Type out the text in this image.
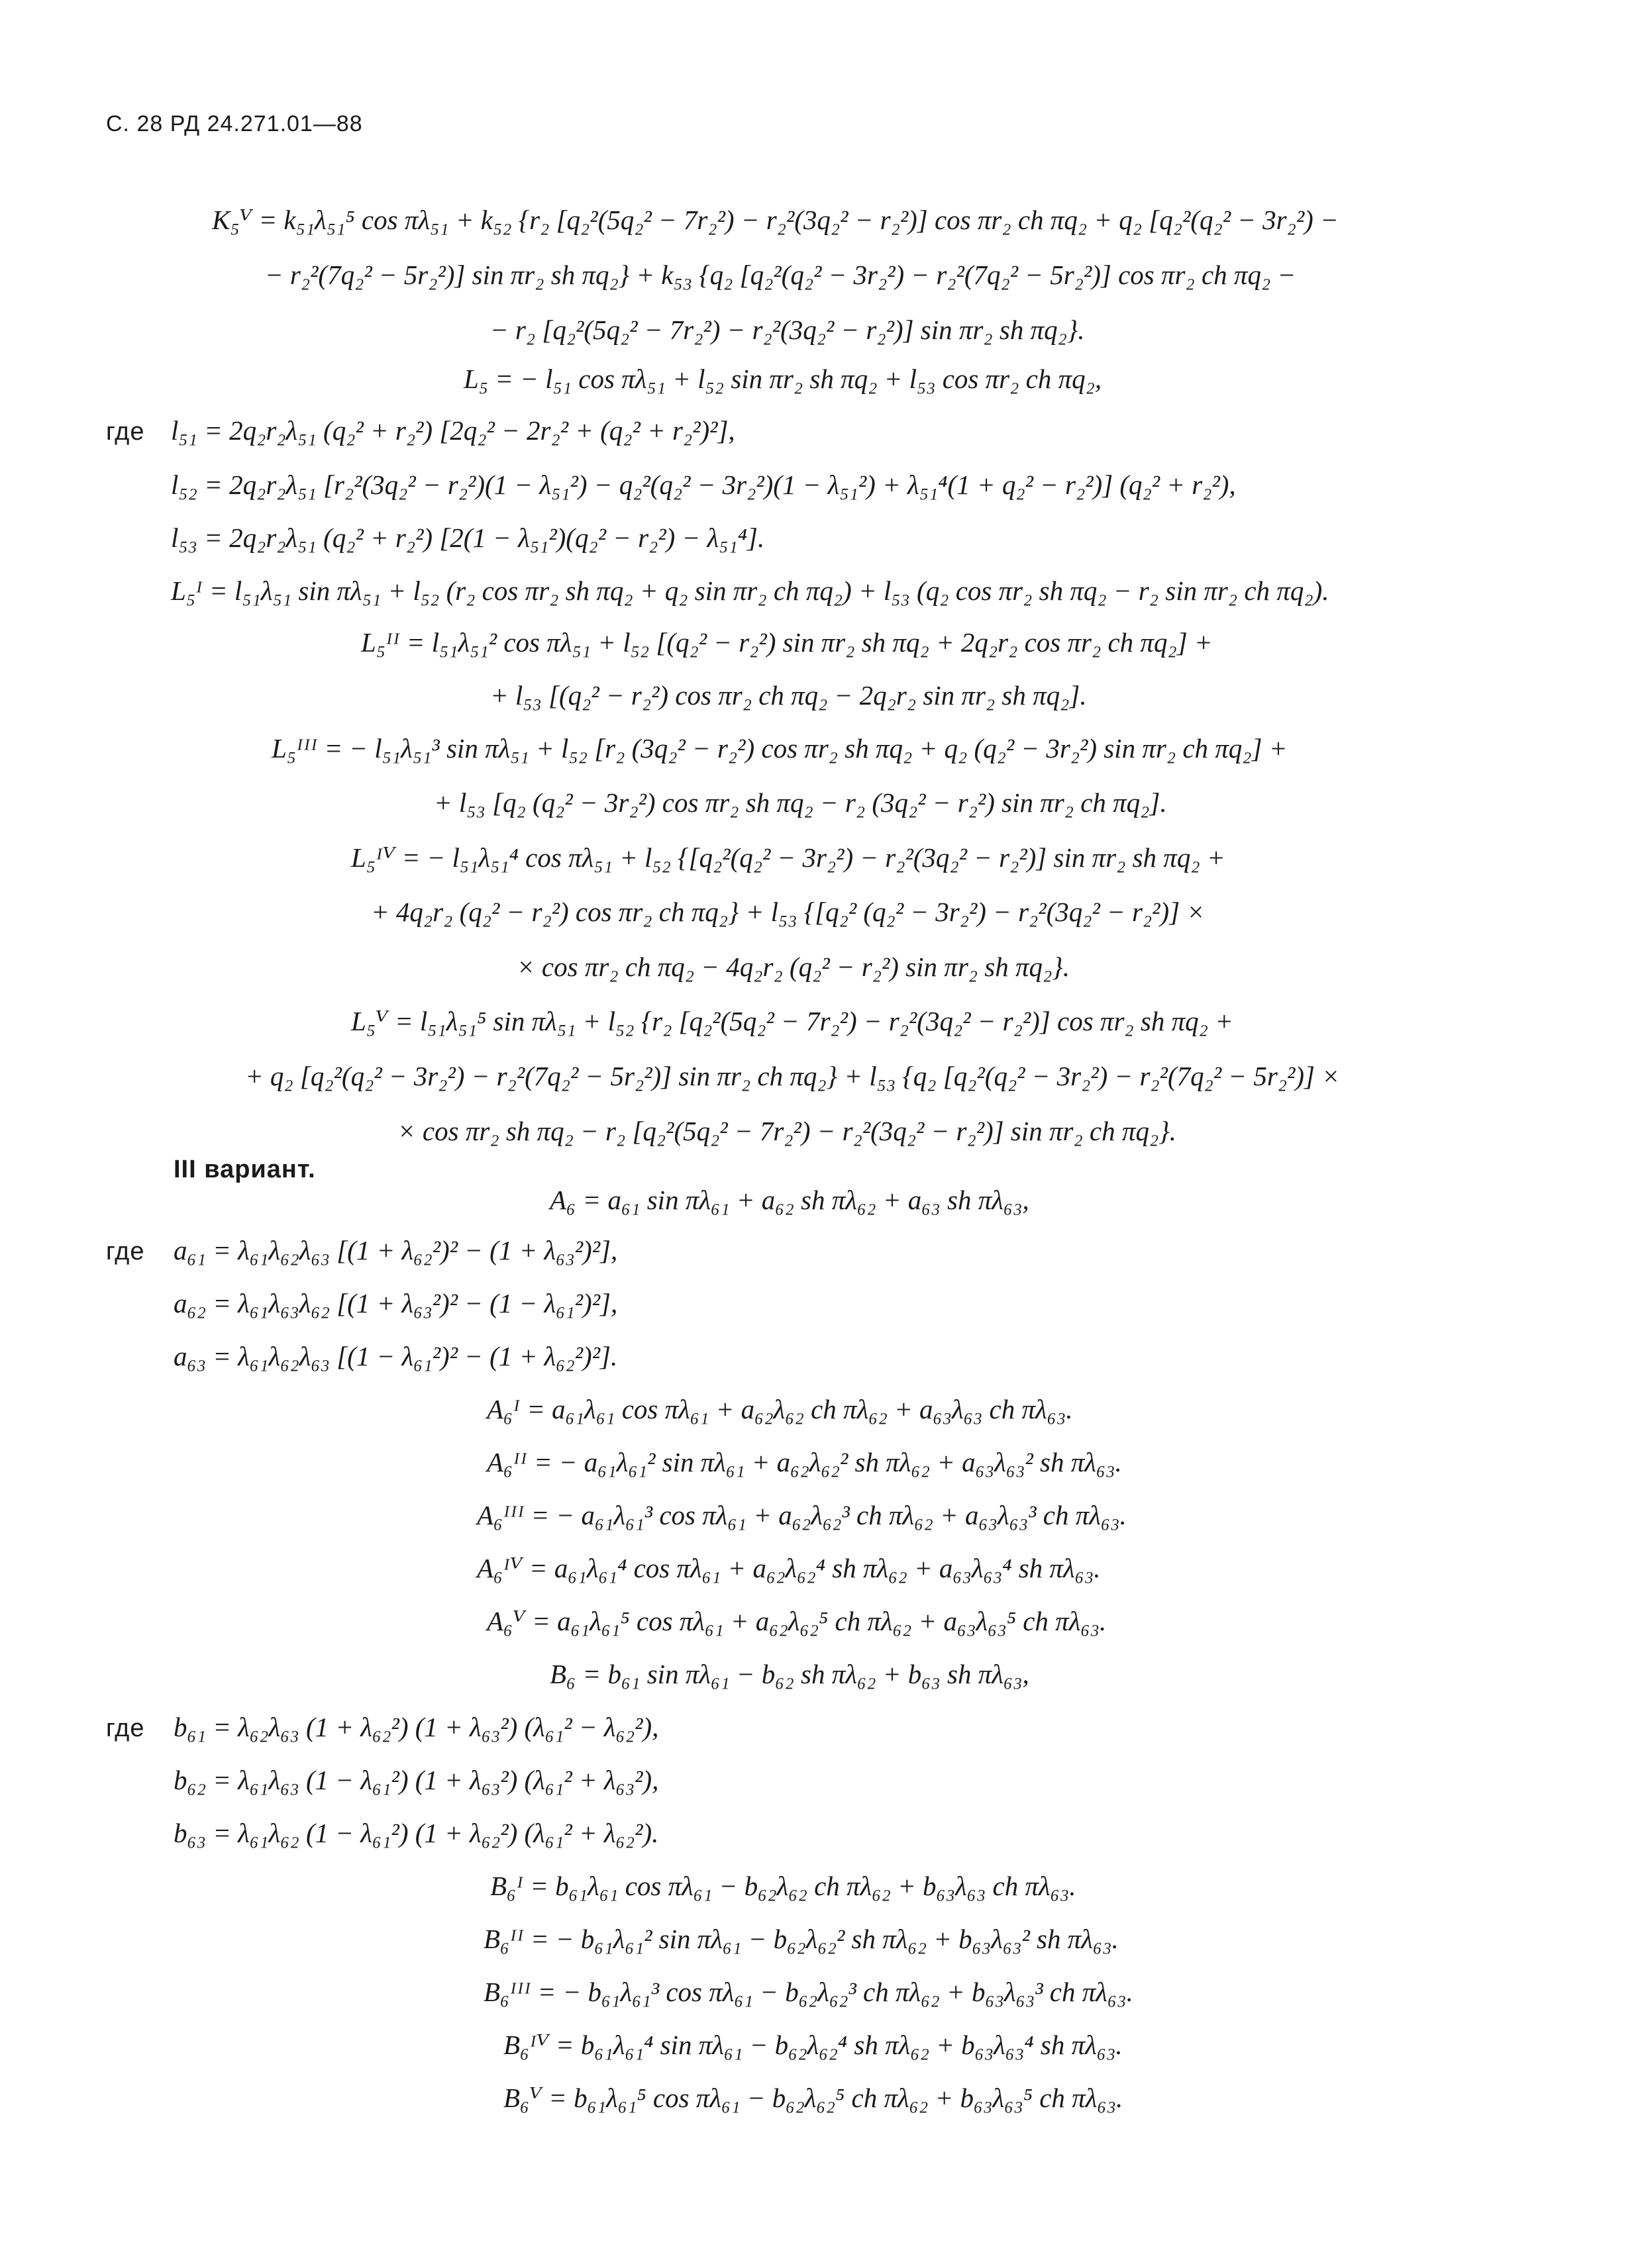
С. 28 РД 24.271.01—88
K₅ⱽ = k₅₁λ₅₁⁵ cos πλ₅₁ + k₅₂ {r₂ [q₂²(5q₂² − 7r₂²) − r₂²(3q₂² − r₂²)] cos πr₂ ch πq₂ + q₂ [q₂²(q₂² − 3r₂²) −
− r₂²(7q₂² − 5r₂²)] sin πr₂ sh πq₂} + k₅₃ {q₂ [q₂²(q₂² − 3r₂²) − r₂²(7q₂² − 5r₂²)] cos πr₂ ch πq₂ −
− r₂ [q₂²(5q₂² − 7r₂²) − r₂²(3q₂² − r₂²)] sin πr₂ sh πq₂}.
L₅ = − l₅₁ cos πλ₅₁ + l₅₂ sin πr₂ sh πq₂ + l₅₃ cos πr₂ ch πq₂,
где l₅₁ = 2q₂r₂λ₅₁ (q₂² + r₂²) [2q₂² − 2r₂² + (q₂² + r₂²)²],
l₅₂ = 2q₂r₂λ₅₁ [r₂²(3q₂² − r₂²)(1 − λ₅₁²) − q₂²(q₂² − 3r₂²)(1 − λ₅₁²) + λ₅₁⁴(1 + q₂² − r₂²)] (q₂² + r₂²),
l₅₃ = 2q₂r₂λ₅₁ (q₂² + r₂²) [2(1 − λ₅₁²)(q₂² − r₂²) − λ₅₁⁴].
L₅ᴵ = l₅₁λ₅₁ sin πλ₅₁ + l₅₂ (r₂ cos πr₂ sh πq₂ + q₂ sin πr₂ ch πq₂) + l₅₃ (q₂ cos πr₂ sh πq₂ − r₂ sin πr₂ ch πq₂).
L₅ᴵᴵ = l₅₁λ₅₁² cos πλ₅₁ + l₅₂ [(q₂² − r₂²) sin πr₂ sh πq₂ + 2q₂r₂ cos πr₂ ch πq₂] +
+ l₅₃ [(q₂² − r₂²) cos πr₂ ch πq₂ − 2q₂r₂ sin πr₂ sh πq₂].
L₅ᴵᴵᴵ = − l₅₁λ₅₁³ sin πλ₅₁ + l₅₂ [r₂ (3q₂² − r₂²) cos πr₂ sh πq₂ + q₂ (q₂² − 3r₂²) sin πr₂ ch πq₂] +
+ l₅₃ [q₂ (q₂² − 3r₂²) cos πr₂ sh πq₂ − r₂ (3q₂² − r₂²) sin πr₂ ch πq₂].
L₅ᴵⱽ = − l₅₁λ₅₁⁴ cos πλ₅₁ + l₅₂ {[q₂²(q₂² − 3r₂²) − r₂²(3q₂² − r₂²)] sin πr₂ sh πq₂ +
+ 4q₂r₂ (q₂² − r₂²) cos πr₂ ch πq₂} + l₅₃ {[q₂² (q₂² − 3r₂²) − r₂²(3q₂² − r₂²)] ×
× cos πr₂ ch πq₂ − 4q₂r₂ (q₂² − r₂²) sin πr₂ sh πq₂}.
L₅ⱽ = l₅₁λ₅₁⁵ sin πλ₅₁ + l₅₂ {r₂ [q₂²(5q₂² − 7r₂²) − r₂²(3q₂² − r₂²)] cos πr₂ sh πq₂ +
+ q₂ [q₂²(q₂² − 3r₂²) − r₂²(7q₂² − 5r₂²)] sin πr₂ ch πq₂} + l₅₃ {q₂ [q₂²(q₂² − 3r₂²) − r₂²(7q₂² − 5r₂²)] ×
× cos πr₂ sh πq₂ − r₂ [q₂²(5q₂² − 7r₂²) − r₂²(3q₂² − r₂²)] sin πr₂ ch πq₂}.
III вариант.
A₆ = a₆₁ sin πλ₆₁ + a₆₂ sh πλ₆₂ + a₆₃ sh πλ₆₃,
где a₆₁ = λ₆₁λ₆₂λ₆₃ [(1 + λ₆₂²)² − (1 + λ₆₃²)²],
a₆₂ = λ₆₁λ₆₃λ₆₂ [(1 + λ₆₃²)² − (1 − λ₆₁²)²],
a₆₃ = λ₆₁λ₆₂λ₆₃ [(1 − λ₆₁²)² − (1 + λ₆₂²)²].
A₆ᴵ = a₆₁λ₆₁ cos πλ₆₁ + a₆₂λ₆₂ ch πλ₆₂ + a₆₃λ₆₃ ch πλ₆₃.
A₆ᴵᴵ = − a₆₁λ₆₁² sin πλ₆₁ + a₆₂λ₆₂² sh πλ₆₂ + a₆₃λ₆₃² sh πλ₆₃.
A₆ᴵᴵᴵ = − a₆₁λ₆₁³ cos πλ₆₁ + a₆₂λ₆₂³ ch πλ₆₂ + a₆₃λ₆₃³ ch πλ₆₃.
A₆ᴵⱽ = a₆₁λ₆₁⁴ cos πλ₆₁ + a₆₂λ₆₂⁴ sh πλ₆₂ + a₆₃λ₆₃⁴ sh πλ₆₃.
A₆ⱽ = a₆₁λ₆₁⁵ cos πλ₆₁ + a₆₂λ₆₂⁵ ch πλ₆₂ + a₆₃λ₆₃⁵ ch πλ₆₃.
B₆ = b₆₁ sin πλ₆₁ − b₆₂ sh πλ₆₂ + b₆₃ sh πλ₆₃,
где b₆₁ = λ₆₂λ₆₃ (1 + λ₆₂²) (1 + λ₆₃²) (λ₆₁² − λ₆₂²),
b₆₂ = λ₆₁λ₆₃ (1 − λ₆₁²) (1 + λ₆₃²) (λ₆₁² + λ₆₃²),
b₆₃ = λ₆₁λ₆₂ (1 − λ₆₁²) (1 + λ₆₂²) (λ₆₁² + λ₆₂²).
B₆ᴵ = b₆₁λ₆₁ cos πλ₆₁ − b₆₂λ₆₂ ch πλ₆₂ + b₆₃λ₆₃ ch πλ₆₃.
B₆ᴵᴵ = − b₆₁λ₆₁² sin πλ₆₁ − b₆₂λ₆₂² sh πλ₆₂ + b₆₃λ₆₃² sh πλ₆₃.
B₆ᴵᴵᴵ = − b₆₁λ₆₁³ cos πλ₆₁ − b₆₂λ₆₂³ ch πλ₆₂ + b₆₃λ₆₃³ ch πλ₆₃.
B₆ᴵⱽ = b₆₁λ₆₁⁴ sin πλ₆₁ − b₆₂λ₆₂⁴ sh πλ₆₂ + b₆₃λ₆₃⁴ sh πλ₆₃.
B₆ⱽ = b₆₁λ₆₁⁵ cos πλ₆₁ − b₆₂λ₆₂⁵ ch πλ₆₂ + b₆₃λ₆₃⁵ ch πλ₆₃.
